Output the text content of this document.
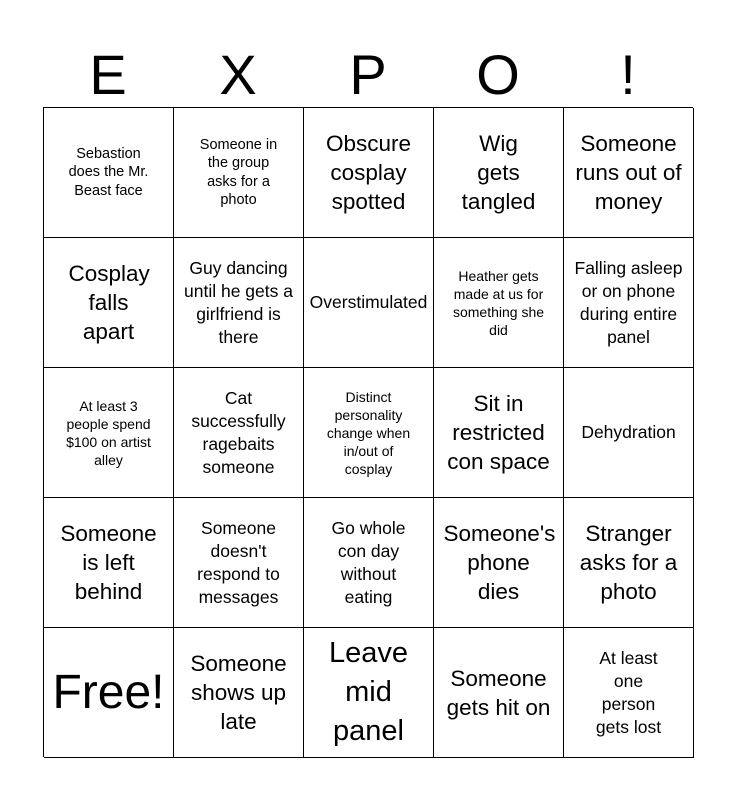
E	X	P	O	!
Sebastion does the Mr. Beast face
Someone in the group asks for a photo
Obscure cosplay spotted
Wig gets tangled
Someone runs out of money
Cosplay falls apart
Guy dancing until he gets a girlfriend is there
Overstimulated
Heather gets made at us for something she did
Falling asleep or on phone during entire panel
At least 3 people spend $100 on artist alley
Cat successfully ragebaits someone
Distinct personality change when in/out of cosplay
Sit in restricted con space
Dehydration
Someone is left behind
Someone doesn't respond to messages
Go whole con day without eating
Someone's phone dies
Stranger asks for a photo
Free!
Someone shows up late
Leave mid panel
Someone gets hit on
At least one person gets lost
